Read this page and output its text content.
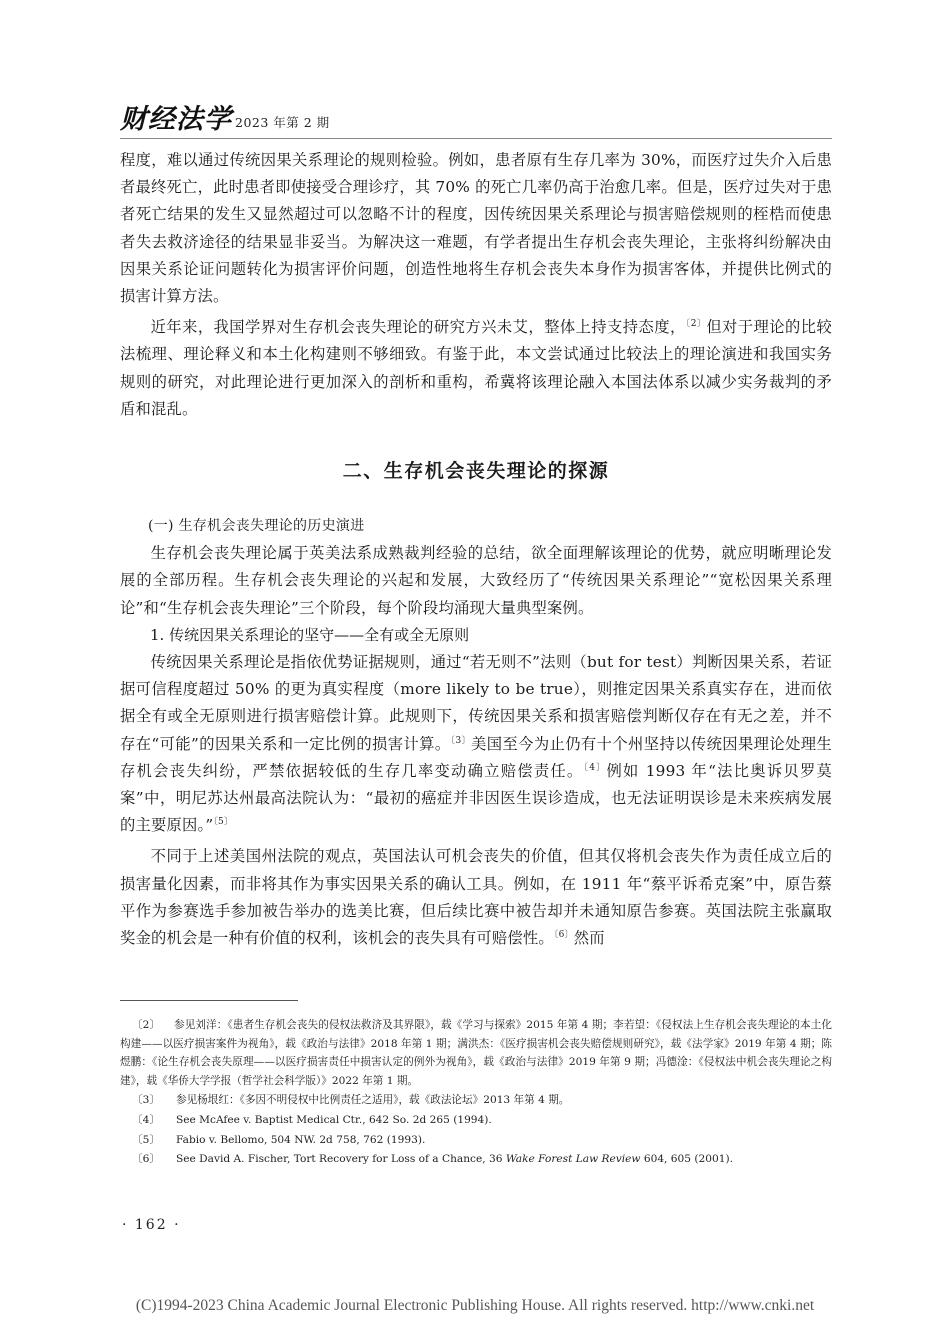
财经法学 2023 年第 2 期

程度，难以通过传统因果关系理论的规则检验。例如，患者原有生存几率为 30%，而医疗过失介入后患者最终死亡，此时患者即使接受合理诊疗，其 70% 的死亡几率仍高于治愈几率。但是，医疗过失对于患者死亡结果的发生又显然超过可以忽略不计的程度，因传统因果关系理论与损害赔偿规则的桎梏而使患者失去救济途径的结果显非妥当。为解决这一难题，有学者提出生存机会丧失理论，主张将纠纷解决由因果关系论证问题转化为损害评价问题，创造性地将生存机会丧失本身作为损害客体，并提供比例式的损害计算方法。

近年来，我国学界对生存机会丧失理论的研究方兴未艾，整体上持支持态度，$^{〔2〕}$但对于理论的比较法梳理、理论释义和本土化构建则不够细致。有鉴于此，本文尝试通过比较法上的理论演进和我国实务规则的研究，对此理论进行更加深入的剖析和重构，希冀将该理论融入本国法体系以减少实务裁判的矛盾和混乱。

二、生存机会丧失理论的探源

(一) 生存机会丧失理论的历史演进

生存机会丧失理论属于英美法系成熟裁判经验的总结，欲全面理解该理论的优势，就应明晰理论发展的全部历程。生存机会丧失理论的兴起和发展，大致经历了“传统因果关系理论”“宽松因果关系理论”和“生存机会丧失理论”三个阶段，每个阶段均涌现大量典型案例。

1. 传统因果关系理论的坚守——全有或全无原则

传统因果关系理论是指依优势证据规则，通过“若无则不”法则（but for test）判断因果关系，若证据可信程度超过 50% 的更为真实程度（more likely to be true），则推定因果关系真实存在，进而依据全有或全无原则进行损害赔偿计算。此规则下，传统因果关系和损害赔偿判断仅存在有无之差，并不存在“可能”的因果关系和一定比例的损害计算。$^{〔3〕}$美国至今为止仍有十个州坚持以传统因果理论处理生存机会丧失纠纷，严禁依据较低的生存几率变动确立赔偿责任。$^{〔4〕}$例如 1993 年“法比奥诉贝罗莫案”中，明尼苏达州最高法院认为：“最初的癌症并非因医生误诊造成，也无法证明误诊是未来疾病发展的主要原因。”$^{〔5〕}$

不同于上述美国州法院的观点，英国法认可机会丧失的价值，但其仅将机会丧失作为责任成立后的损害量化因素，而非将其作为事实因果关系的确认工具。例如，在 1911 年“蔡平诉希克案”中，原告蔡平作为参赛选手参加被告举办的选美比赛，但后续比赛中被告却并未通知原告参赛。英国法院主张赢取奖金的机会是一种有价值的权利，该机会的丧失具有可赔偿性。$^{〔6〕}$然而

〔2〕 参见刘洋：《患者生存机会丧失的侵权法救济及其界限》，载《学习与探索》2015 年第 4 期；李若望：《侵权法上生存机会丧失理论的本土化构建——以医疗损害案件为视角》，载《政治与法律》2018 年第 1 期；满洪杰：《医疗损害机会丧失赔偿规则研究》，载《法学家》2019 年第 4 期；陈煜鹏：《论生存机会丧失原理——以医疗损害责任中损害认定的例外为视角》，载《政治与法律》2019 年第 9 期；冯德淦：《侵权法中机会丧失理论之构建》，载《华侨大学学报（哲学社会科学版）》2022 年第 1 期。

〔3〕 参见杨垠红：《多因不明侵权中比例责任之适用》，载《政法论坛》2013 年第 4 期。

〔4〕 See McAfee v. Baptist Medical Ctr., 642 So. 2d 265 (1994).

〔5〕 Fabio v. Bellomo, 504 NW. 2d 758, 762 (1993).

〔6〕 See David A. Fischer, Tort Recovery for Loss of a Chance, 36 Wake Forest Law Review 604, 605 (2001).

· 162 ·
(C)1994-2023 China Academic Journal Electronic Publishing House. All rights reserved. http://www.cnki.net
